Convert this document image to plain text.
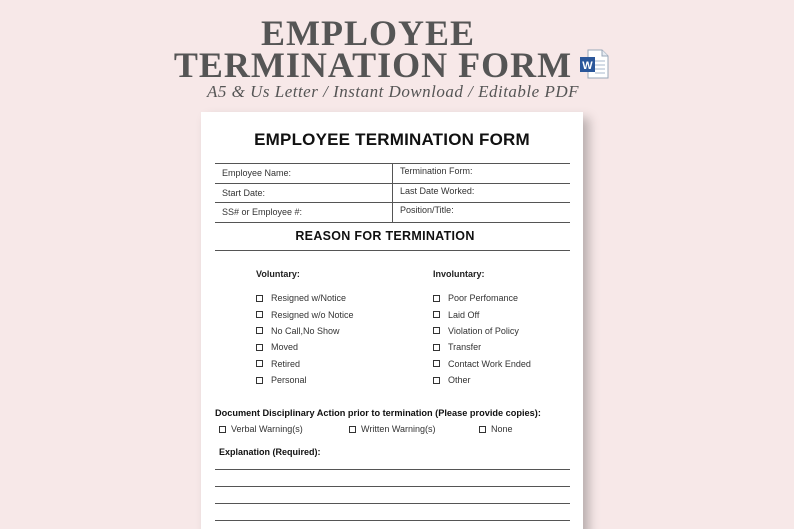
EMPLOYEE
TERMINATION FORM
A5 & Us Letter / Instant Download / Editable PDF
W
EMPLOYEE TERMINATION FORM
Employee Name:	Termination Form:
Start Date:	Last Date Worked:
SS# or Employee #:	Position/Title:
REASON FOR TERMINATION
Voluntary:
Resigned w/Notice
Resigned w/o Notice
No Call,No Show
Moved
Retired
Personal
Involuntary:
Poor Perfomance
Laid Off
Violation of Policy
Transfer
Contact Work Ended
Other
Document Disciplinary Action prior to termination (Please provide copies):
Verbal Warning(s)	Written Warning(s)	None
Explanation (Required):
